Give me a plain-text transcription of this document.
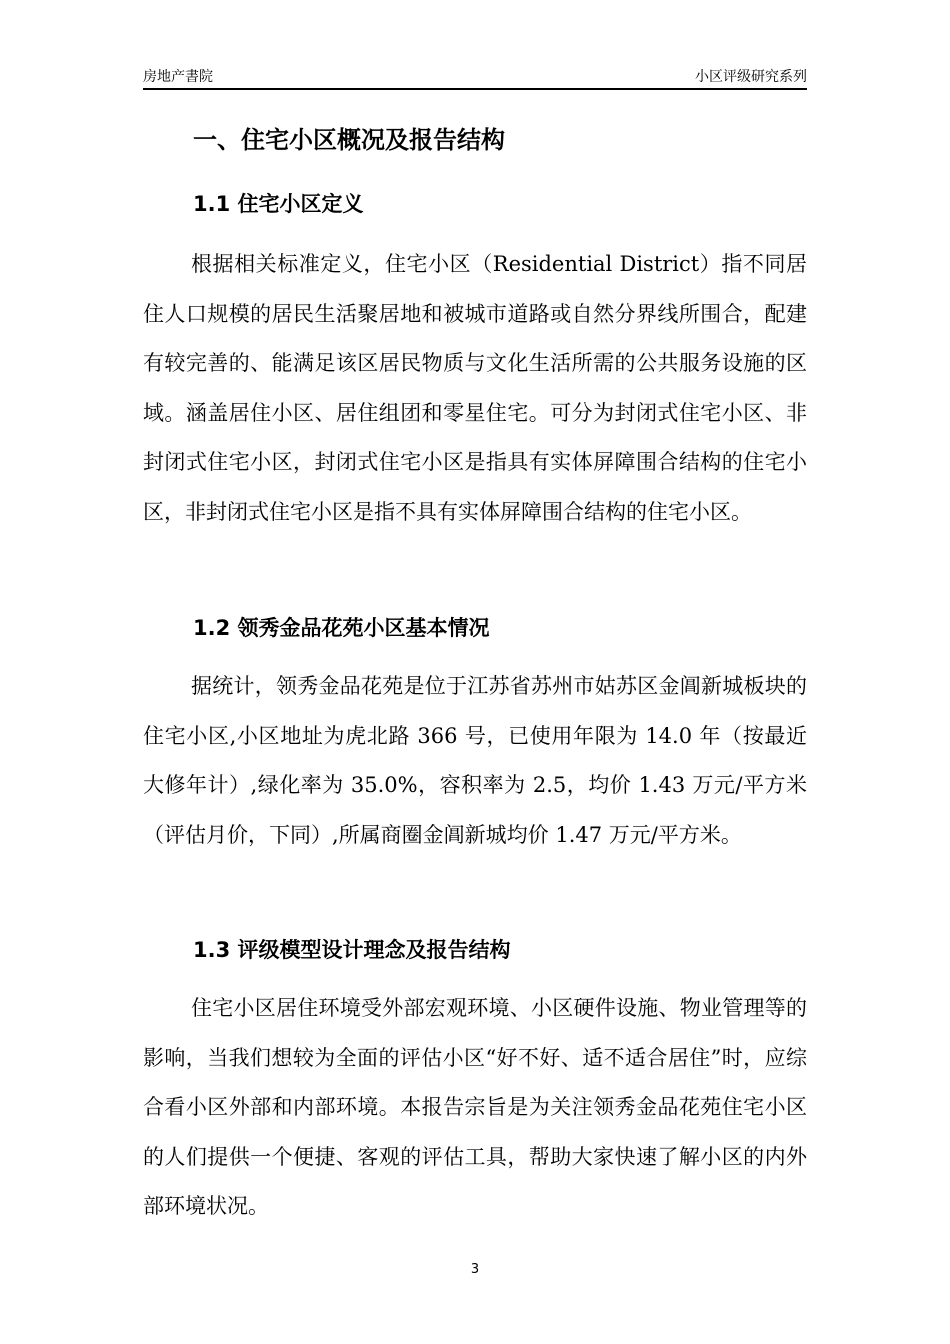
房地产書院	小区评级研究系列
一、住宅小区概况及报告结构
1.1 住宅小区定义
根据相关标准定义，住宅小区（Residential District）指不同居住人口规模的居民生活聚居地和被城市道路或自然分界线所围合，配建有较完善的、能满足该区居民物质与文化生活所需的公共服务设施的区域。涵盖居住小区、居住组团和零星住宅。可分为封闭式住宅小区、非封闭式住宅小区，封闭式住宅小区是指具有实体屏障围合结构的住宅小区，非封闭式住宅小区是指不具有实体屏障围合结构的住宅小区。
1.2 领秀金品花苑小区基本情况
据统计，领秀金品花苑是位于江苏省苏州市姑苏区金阊新城板块的住宅小区,小区地址为虎北路 366 号，已使用年限为 14.0 年（按最近大修年计）,绿化率为 35.0%，容积率为 2.5，均价 1.43 万元/平方米（评估月价，下同）,所属商圈金阊新城均价 1.47 万元/平方米。
1.3 评级模型设计理念及报告结构
住宅小区居住环境受外部宏观环境、小区硬件设施、物业管理等的影响，当我们想较为全面的评估小区“好不好、适不适合居住”时，应综合看小区外部和内部环境。本报告宗旨是为关注领秀金品花苑住宅小区的人们提供一个便捷、客观的评估工具，帮助大家快速了解小区的内外部环境状况。
3
